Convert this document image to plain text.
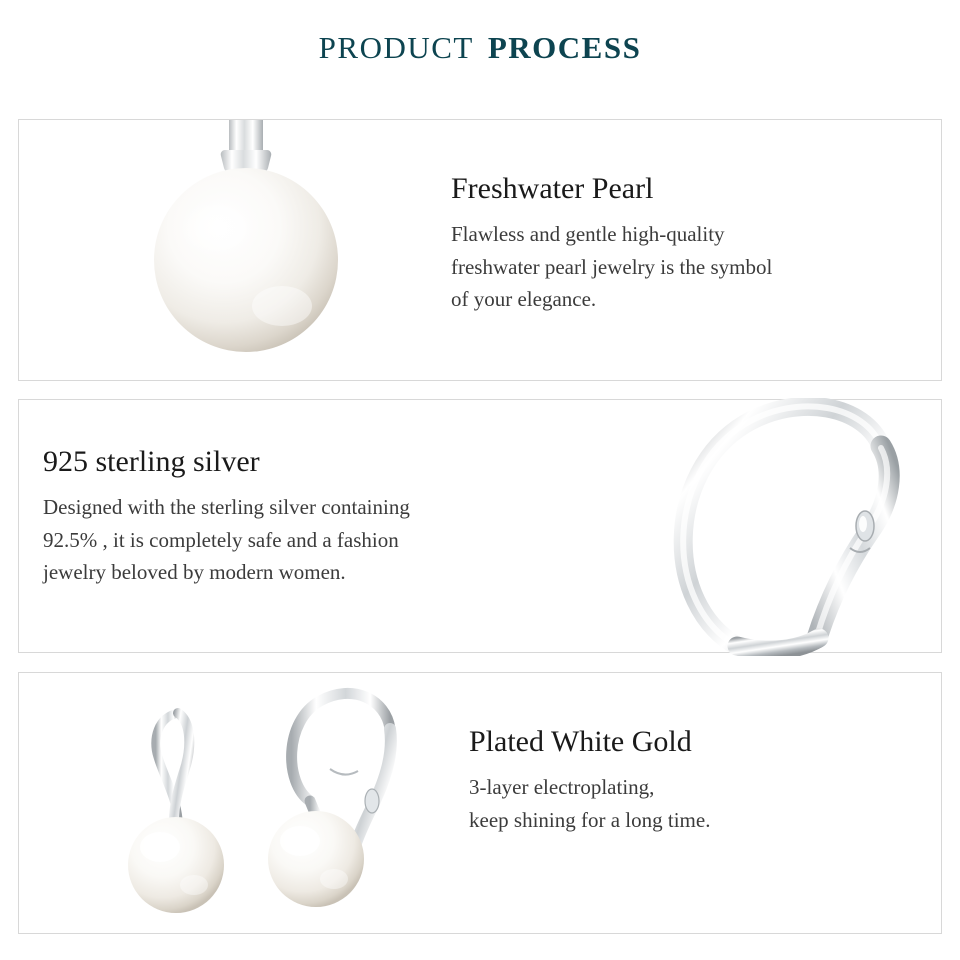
PRODUCT PROCESS
Freshwater Pearl
Flawless and gentle high-quality
freshwater pearl jewelry is the symbol
of your elegance.
925 sterling silver
Designed with the sterling silver containing
92.5% , it is completely safe and a fashion
jewelry beloved by modern women.
Plated White Gold
3-layer electroplating,
keep shining for a long time.
